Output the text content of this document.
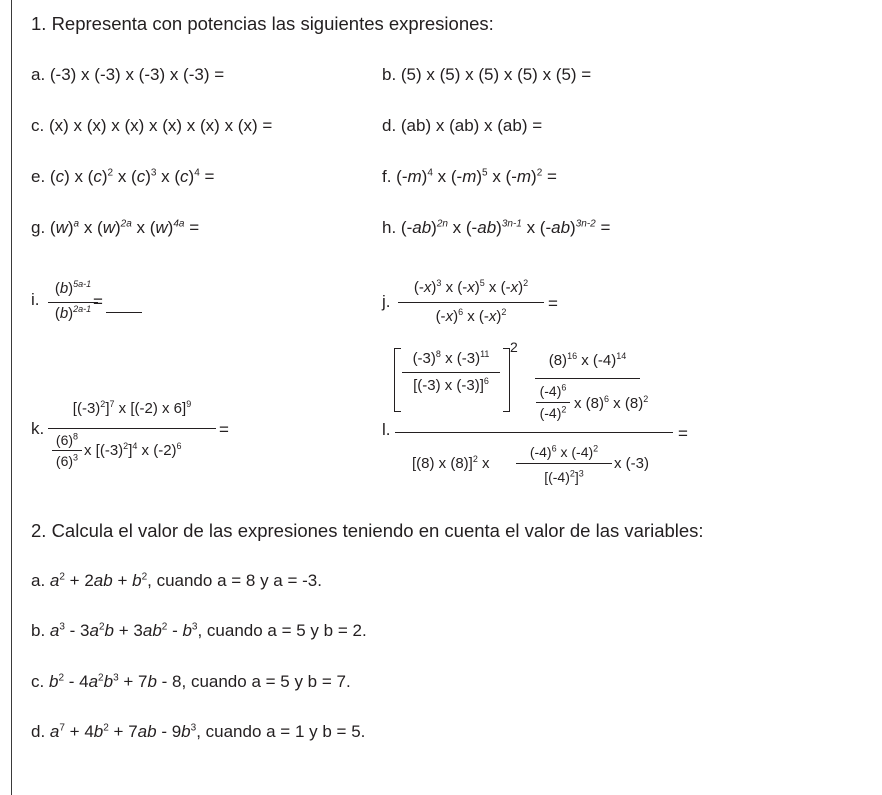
1. Representa con potencias las siguientes expresiones:
a. (-3) x (-3) x (-3) x (-3) =	b. (5) x (5) x (5) x (5) x (5) =
c. (x) x (x) x (x) x (x) x (x) x (x) =	d. (ab) x (ab) x (ab) =
e. (c) x $(c)^2$ x $(c)^3$ x $(c)^4$ =	f. $(-m)^4$ x $(-m)^5$ x $(-m)^2$ =
g. $(w)^a$ x $(w)^{2a}$ x $(w)^{4a}$ =	h. $(-ab)^{2n}$ x $(-ab)^{3n-1}$ x $(-ab)^{3n-2}$ =
i.
$(b)^{5a-1}$
$(b)^{2a-1}$ =	j.
$(-x)^3$ x $(-x)^5$ x $(-x)^2$
$(-x)^6$ x $(-x)^2$	=
k.
$[(-3)^2]^7$ x [(-2) x 6]$^9$
$(6)^8$
$(6)^3$ x $[(-3)^2]^4$ x $(-2)^6$
=	l.
$(-3)^8$ x $(-3)^{11}$
[(-3) x (-3)]$^6$
2
$(8)^{16}$ x $(-4)^{14}$
$(-4)^6$
$(-4)^2$ x $(8)^6$ x $(8)^2$
[(8) x (8)]$^2$ x
$(-4)^6$ x $(-4)^2$
$[(-4)^2]^3$
x (-3)
=
2. Calcula el valor de las expresiones teniendo en cuenta el valor de las variables:
a. $a^2 + 2ab + b^2$, cuando a = 8 y a = -3.
b. $a^3 - 3a^2b + 3ab^2 - b^3$, cuando a = 5 y b = 2.
c. $b^2 - 4a^2b^3 + 7b - 8$, cuando a = 5 y b = 7.
d. $a^7 + 4b^2 + 7ab - 9b^3$, cuando a = 1 y b = 5.
